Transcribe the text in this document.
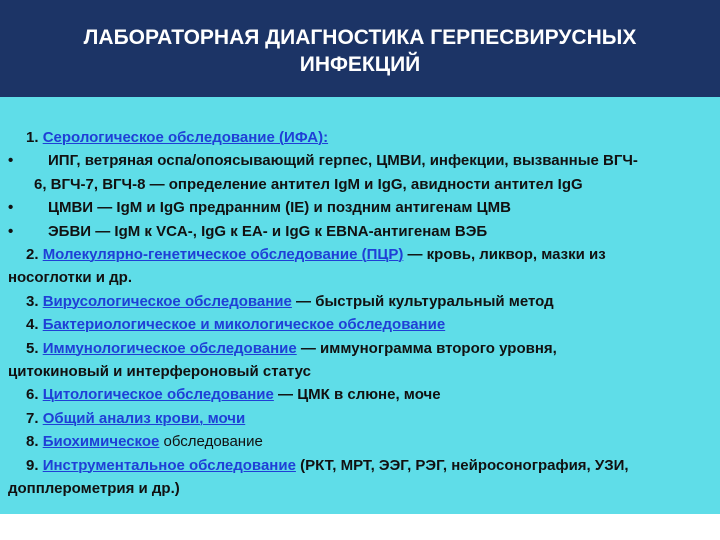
ЛАБОРАТОРНАЯ ДИАГНОСТИКА ГЕРПЕСВИРУСНЫХ
ИНФЕКЦИЙ
1. Серологическое обследование (ИФА):
•	ИПГ, ветряная оспа/опоясывающий герпес, ЦМВИ, инфекции, вызванные ВГЧ-
6, ВГЧ-7, ВГЧ-8 — определение антител IgM и IgG, авидности антител IgG
•	ЦМВИ — IgM и IgG предранним (IE) и поздним антигенам ЦМВ
•	ЭБВИ — IgM к VCA-, IgG к EA- и IgG к EBNA-антигенам ВЭБ
2. Молекулярно-генетическое обследование (ПЦР) — кровь, ликвор, мазки из
носоглотки и др.
3. Вирусологическое обследование — быстрый культуральный метод
4. Бактериологическое и микологическое обследование
5. Иммунологическое обследование — иммунограмма второго уровня,
цитокиновый и интерфероновый статус
6. Цитологическое обследование — ЦМК в слюне, моче
7. Общий анализ крови, мочи
8. Биохимическое обследование
9. Инструментальное обследование (РКТ, МРТ, ЭЭГ, РЭГ, нейросонография, УЗИ,
допплерометрия и др.)
